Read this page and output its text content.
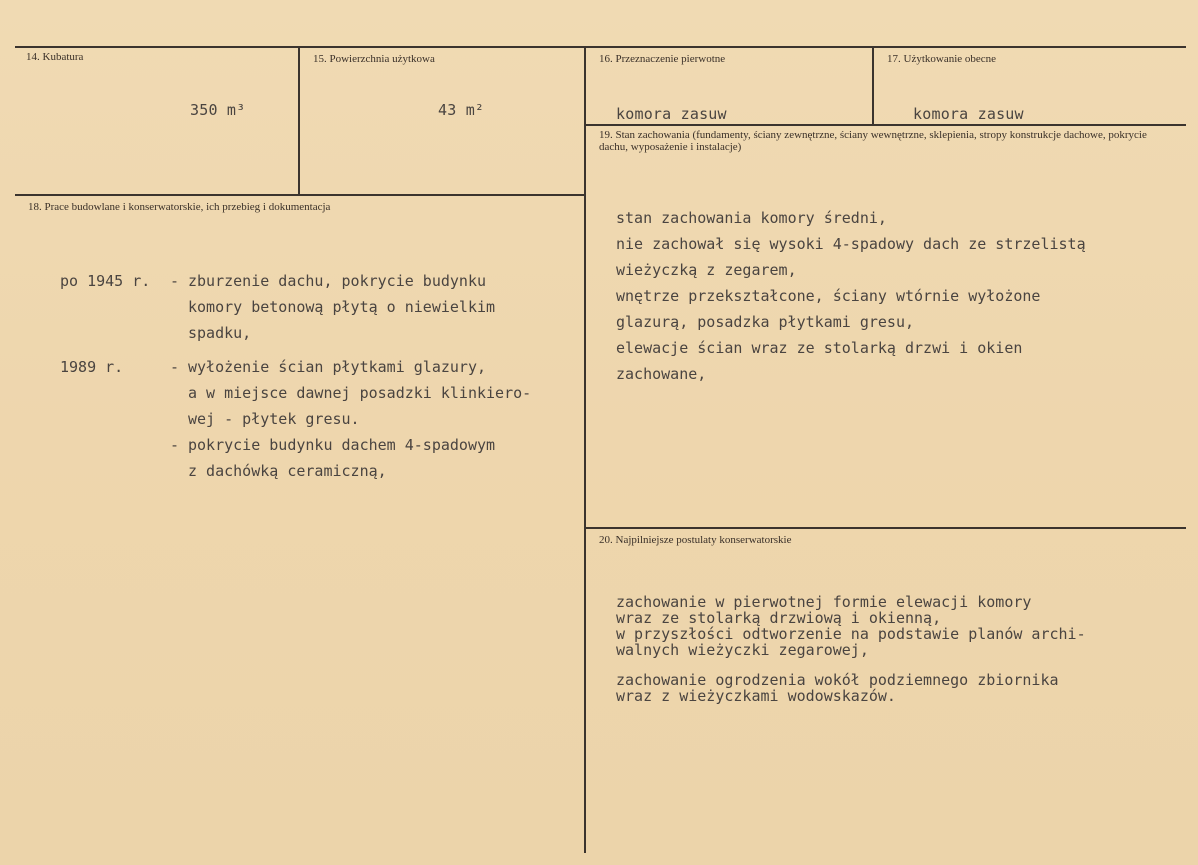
14. Kubatura
350 m³
15. Powierzchnia użytkowa
43 m²
16. Przeznaczenie pierwotne
komora zasuw
17. Użytkowanie obecne
komora zasuw
18. Prace budowlane i konserwatorskie, ich przebieg i dokumentacja
po 1945 r. - zburzenie dachu, pokrycie budynku
komory betonową płytą o niewielkim
spadku,
1989 r.	- wyłożenie ścian płytkami glazury,
a w miejsce dawnej posadzki klinkiero-
wej - płytek gresu.
- pokrycie budynku dachem 4-spadowym
z dachówką ceramiczną,
19. Stan zachowania (fundamenty, ściany zewnętrzne, ściany wewnętrzne, sklepienia, stropy konstrukcje dachowe, pokrycie dachu, wyposażenie i instalacje)
stan zachowania komory średni,
nie zachował się wysoki 4-spadowy dach ze strzelistą
wieżyczką z zegarem,
wnętrze przekształcone, ściany wtórnie wyłożone
glazurą, posadzka płytkami gresu,
elewacje ścian wraz ze stolarką drzwi i okien
zachowane,
20. Najpilniejsze postulaty konserwatorskie
zachowanie w pierwotnej formie elewacji komory
wraz ze stolarką drzwiową i okienną,
w przyszłości odtworzenie na podstawie planów archi-
walnych wieżyczki zegarowej,
zachowanie ogrodzenia wokół podziemnego zbiornika
wraz z wieżyczkami wodowskazów.
